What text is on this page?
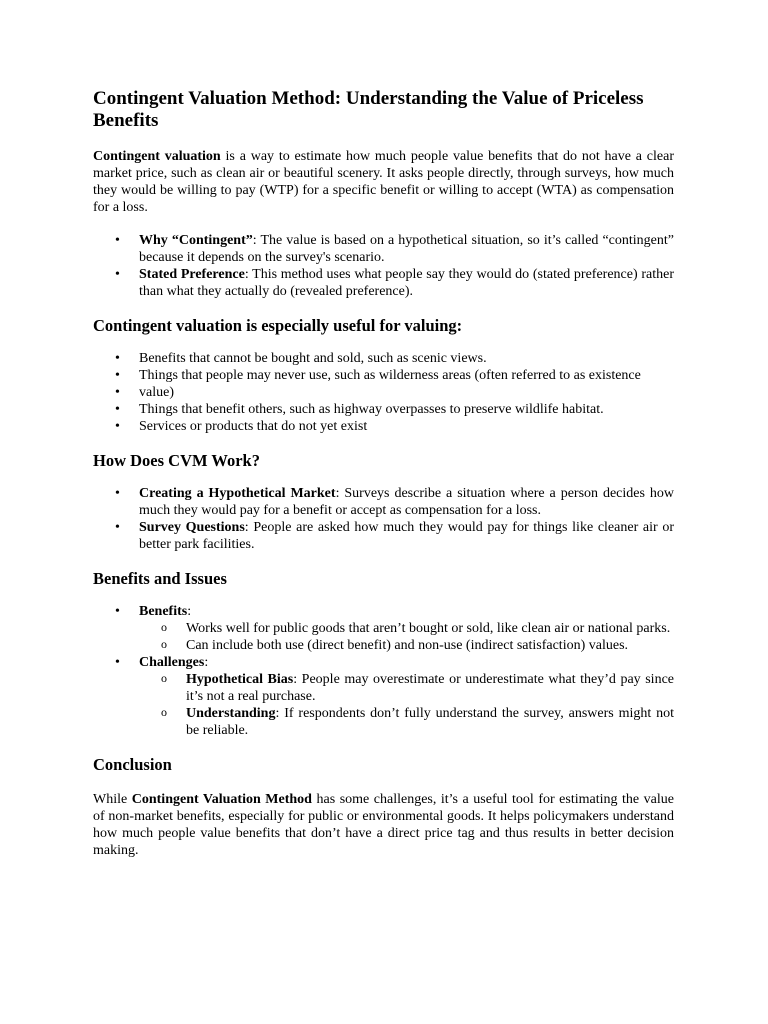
Contingent Valuation Method: Understanding the Value of Priceless Benefits

Contingent valuation is a way to estimate how much people value benefits that do not have a clear market price, such as clean air or beautiful scenery. It asks people directly, through surveys, how much they would be willing to pay (WTP) for a specific benefit or willing to accept (WTA) as compensation for a loss.

• Why “Contingent”: The value is based on a hypothetical situation, so it’s called “contingent” because it depends on the survey's scenario.
• Stated Preference: This method uses what people say they would do (stated preference) rather than what they actually do (revealed preference).
Contingent valuation is especially useful for valuing:
• Benefits that cannot be bought and sold, such as scenic views.
• Things that people may never use, such as wilderness areas (often referred to as existence
• value)
• Things that benefit others, such as highway overpasses to preserve wildlife habitat.
• Services or products that do not yet exist
How Does CVM Work?
• Creating a Hypothetical Market: Surveys describe a situation where a person decides how much they would pay for a benefit or accept as compensation for a loss.
• Survey Questions: People are asked how much they would pay for things like cleaner air or better park facilities.
Benefits and Issues
• Benefits:
o Works well for public goods that aren’t bought or sold, like clean air or national parks.
o Can include both use (direct benefit) and non-use (indirect satisfaction) values.
• Challenges:
o Hypothetical Bias: People may overestimate or underestimate what they’d pay since it’s not a real purchase.
o Understanding: If respondents don’t fully understand the survey, answers might not be reliable.
Conclusion

While Contingent Valuation Method has some challenges, it’s a useful tool for estimating the value of non-market benefits, especially for public or environmental goods. It helps policymakers understand how much people value benefits that don’t have a direct price tag and thus results in better decision making.
